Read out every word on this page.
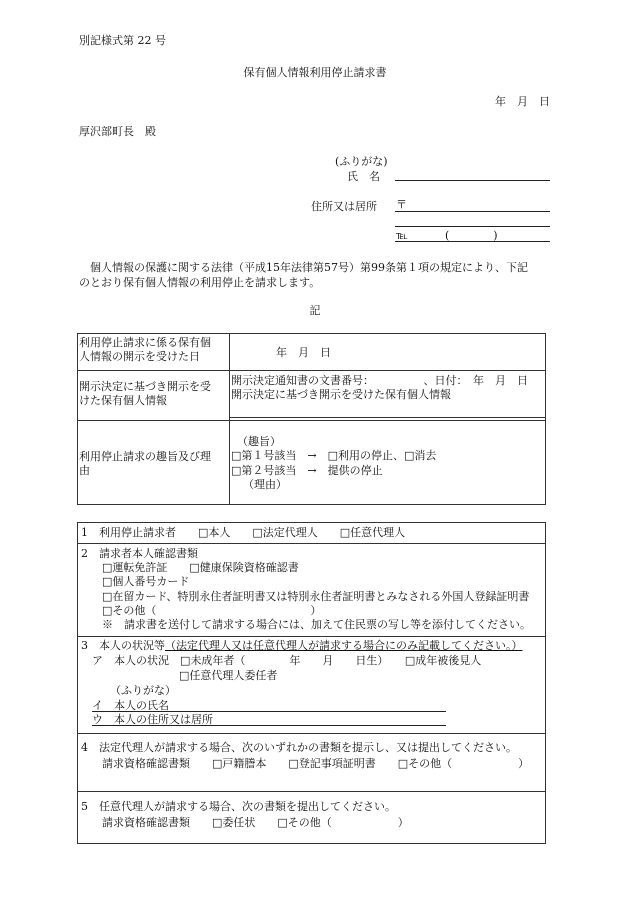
別記様式第 22 号
保有個人情報利用停止請求書
年　月　日
厚沢部町長　殿
(ふりがな)
氏　名
住所又は居所 〒
℡	(　　　　)
　個人情報の保護に関する法律（平成15年法律第57号）第99条第１項の規定により、下記
のとおり保有個人情報の利用停止を請求します。
記
利用停止請求に係る保有個
人情報の開示を受けた日	年　月　日
開示決定に基づき開示を受
けた保有個人情報
開示決定通知書の文書番号：　　　　　、日付：　年　月　日
開示決定に基づき開示を受けた保有個人情報
利用停止請求の趣旨及び理
由
（趣旨）
□第１号該当　→　□利用の停止、□消去
□第２号該当　→　提供の停止
（理由）
1　利用停止請求者　　□本人　　□法定代理人　　□任意代理人
2　請求者本人確認書類
□運転免許証　　□健康保険資格確認書
□個人番号カード
□在留カード、特別永住者証明書又は特別永住者証明書とみなされる外国人登録証明書
□その他（　　　　　　　　　　　　　　）
※　請求書を送付して請求する場合には、加えて住民票の写し等を添付してください。
3　本人の状況等（法定代理人又は任意代理人が請求する場合にのみ記載してください。）
ア　本人の状況　□未成年者（　　　　年　　月　　日生）　　□成年被後見人
□任意代理人委任者
（ふりがな）
イ　本人の氏名
ウ　本人の住所又は居所
4　法定代理人が請求する場合、次のいずれかの書類を提示し、又は提出してください。
請求資格確認書類　　□戸籍謄本　　□登記事項証明書　　□その他（　　　　　　）
5　任意代理人が請求する場合、次の書類を提出してください。
請求資格確認書類　　□委任状　　□その他（　　　　　　）
